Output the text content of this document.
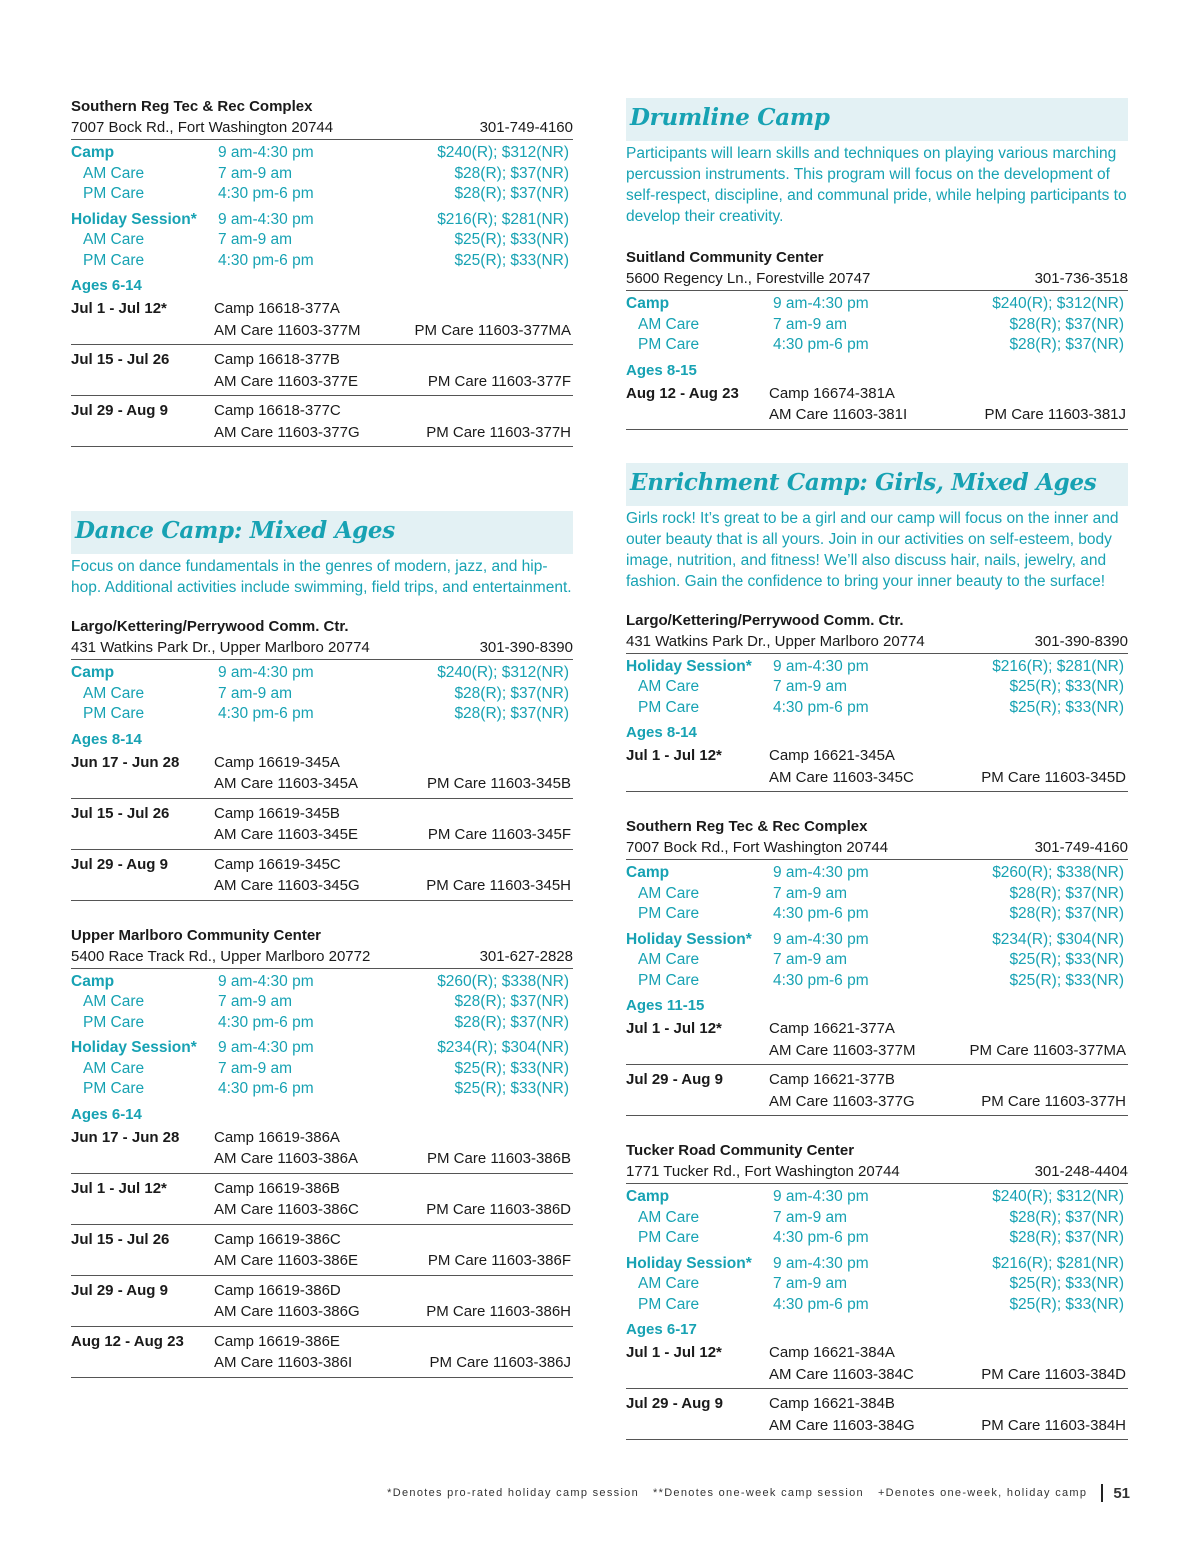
Southern Reg Tec & Rec Complex
7007 Bock Rd., Fort Washington 20744	301-749-4160
Camp	9 am-4:30 pm	$240(R); $312(NR)
AM Care	7 am-9 am	$28(R); $37(NR)
PM Care	4:30 pm-6 pm	$28(R); $37(NR)
Holiday Session*	9 am-4:30 pm	$216(R); $281(NR)
AM Care	7 am-9 am	$25(R); $33(NR)
PM Care	4:30 pm-6 pm	$25(R); $33(NR)
Ages 6-14
Jul 1 - Jul 12*	Camp 16618-377A
AM Care 11603-377M	PM Care 11603-377MA
Jul 15 - Jul 26	Camp 16618-377B
AM Care 11603-377E	PM Care 11603-377F
Jul 29 - Aug 9	Camp 16618-377C
AM Care 11603-377G	PM Care 11603-377H
Dance Camp: Mixed Ages
Focus on dance fundamentals in the genres of modern, jazz, and hip-hop. Additional activities include swimming, field trips, and entertainment.
Largo/Kettering/Perrywood Comm. Ctr.
431 Watkins Park Dr., Upper Marlboro 20774	301-390-8390
Camp	9 am-4:30 pm	$240(R); $312(NR)
AM Care	7 am-9 am	$28(R); $37(NR)
PM Care	4:30 pm-6 pm	$28(R); $37(NR)
Ages 8-14
Jun 17 - Jun 28	Camp 16619-345A
AM Care 11603-345A	PM Care 11603-345B
Jul 15 - Jul 26	Camp 16619-345B
AM Care 11603-345E	PM Care 11603-345F
Jul 29 - Aug 9	Camp 16619-345C
AM Care 11603-345G	PM Care 11603-345H
Upper Marlboro Community Center
5400 Race Track Rd., Upper Marlboro 20772	301-627-2828
Camp	9 am-4:30 pm	$260(R); $338(NR)
AM Care	7 am-9 am	$28(R); $37(NR)
PM Care	4:30 pm-6 pm	$28(R); $37(NR)
Holiday Session*	9 am-4:30 pm	$234(R); $304(NR)
AM Care	7 am-9 am	$25(R); $33(NR)
PM Care	4:30 pm-6 pm	$25(R); $33(NR)
Ages 6-14
Jun 17 - Jun 28	Camp 16619-386A
AM Care 11603-386A	PM Care 11603-386B
Jul 1 - Jul 12*	Camp 16619-386B
AM Care 11603-386C	PM Care 11603-386D
Jul 15 - Jul 26	Camp 16619-386C
AM Care 11603-386E	PM Care 11603-386F
Jul 29 - Aug 9	Camp 16619-386D
AM Care 11603-386G	PM Care 11603-386H
Aug 12 - Aug 23	Camp 16619-386E
AM Care 11603-386I	PM Care 11603-386J
Drumline Camp
Participants will learn skills and techniques on playing various marching percussion instruments. This program will focus on the development of self-respect, discipline, and communal pride, while helping participants to develop their creativity.
Suitland Community Center
5600 Regency Ln., Forestville 20747	301-736-3518
Camp	9 am-4:30 pm	$240(R); $312(NR)
AM Care	7 am-9 am	$28(R); $37(NR)
PM Care	4:30 pm-6 pm	$28(R); $37(NR)
Ages 8-15
Aug 12 - Aug 23	Camp 16674-381A
AM Care 11603-381I	PM Care 11603-381J
Enrichment Camp: Girls, Mixed Ages
Girls rock! It’s great to be a girl and our camp will focus on the inner and outer beauty that is all yours. Join in our activities on self-esteem, body image, nutrition, and fitness! We’ll also discuss hair, nails, jewelry, and fashion. Gain the confidence to bring your inner beauty to the surface!
Largo/Kettering/Perrywood Comm. Ctr.
431 Watkins Park Dr., Upper Marlboro 20774	301-390-8390
Holiday Session*	9 am-4:30 pm	$216(R); $281(NR)
AM Care	7 am-9 am	$25(R); $33(NR)
PM Care	4:30 pm-6 pm	$25(R); $33(NR)
Ages 8-14
Jul 1 - Jul 12*	Camp 16621-345A
AM Care 11603-345C	PM Care 11603-345D
Southern Reg Tec & Rec Complex
7007 Bock Rd., Fort Washington 20744	301-749-4160
Camp	9 am-4:30 pm	$260(R); $338(NR)
AM Care	7 am-9 am	$28(R); $37(NR)
PM Care	4:30 pm-6 pm	$28(R); $37(NR)
Holiday Session*	9 am-4:30 pm	$234(R); $304(NR)
AM Care	7 am-9 am	$25(R); $33(NR)
PM Care	4:30 pm-6 pm	$25(R); $33(NR)
Ages 11-15
Jul 1 - Jul 12*	Camp 16621-377A
AM Care 11603-377M	PM Care 11603-377MA
Jul 29 - Aug 9	Camp 16621-377B
AM Care 11603-377G	PM Care 11603-377H
Tucker Road Community Center
1771 Tucker Rd., Fort Washington 20744	301-248-4404
Camp	9 am-4:30 pm	$240(R); $312(NR)
AM Care	7 am-9 am	$28(R); $37(NR)
PM Care	4:30 pm-6 pm	$28(R); $37(NR)
Holiday Session*	9 am-4:30 pm	$216(R); $281(NR)
AM Care	7 am-9 am	$25(R); $33(NR)
PM Care	4:30 pm-6 pm	$25(R); $33(NR)
Ages 6-17
Jul 1 - Jul 12*	Camp 16621-384A
AM Care 11603-384C	PM Care 11603-384D
Jul 29 - Aug 9	Camp 16621-384B
AM Care 11603-384G	PM Care 11603-384H
*Denotes pro-rated holiday camp session **Denotes one-week camp session +Denotes one-week, holiday camp 51
